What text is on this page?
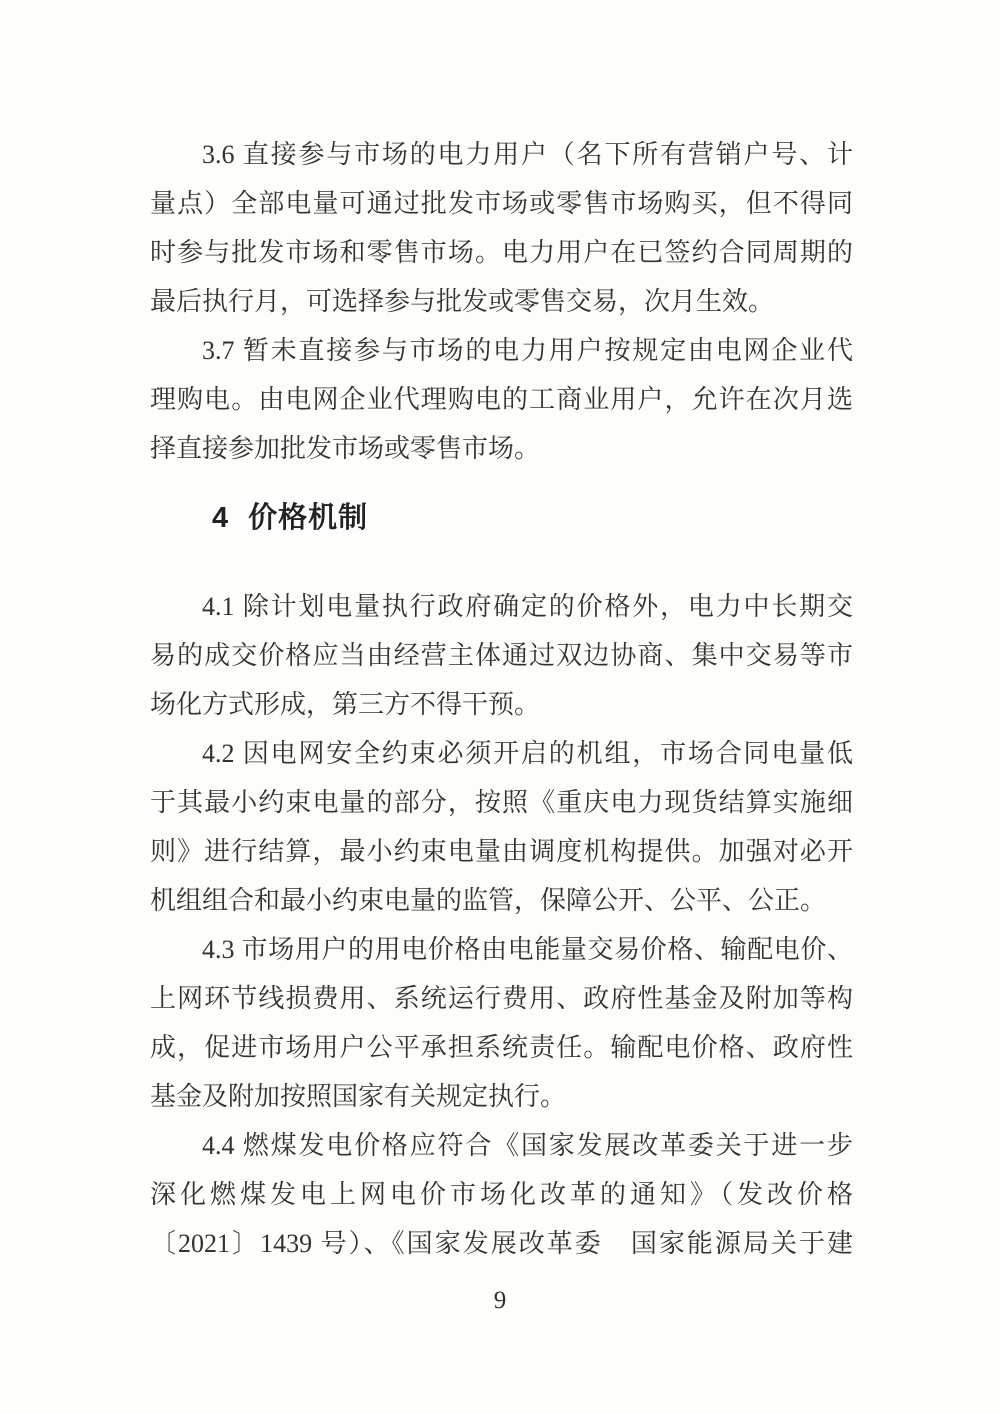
3.6 直接参与市场的电力用户（名下所有营销户号、计
量点）全部电量可通过批发市场或零售市场购买，但不得同
时参与批发市场和零售市场。电力用户在已签约合同周期的
最后执行月，可选择参与批发或零售交易，次月生效。

3.7 暂未直接参与市场的电力用户按规定由电网企业代
理购电。由电网企业代理购电的工商业用户，允许在次月选
择直接参加批发市场或零售市场。

4 价格机制

4.1 除计划电量执行政府确定的价格外，电力中长期交
易的成交价格应当由经营主体通过双边协商、集中交易等市
场化方式形成，第三方不得干预。

4.2 因电网安全约束必须开启的机组，市场合同电量低
于其最小约束电量的部分，按照《重庆电力现货结算实施细
则》进行结算，最小约束电量由调度机构提供。加强对必开
机组组合和最小约束电量的监管，保障公开、公平、公正。

4.3 市场用户的用电价格由电能量交易价格、输配电价、
上网环节线损费用、系统运行费用、政府性基金及附加等构
成，促进市场用户公平承担系统责任。输配电价格、政府性
基金及附加按照国家有关规定执行。

4.4 燃煤发电价格应符合《国家发展改革委关于进一步
深化燃煤发电上网电价市场化改革的通知》（发改价格
〔2021〕1439 号）、《国家发展改革委　国家能源局关于建

9
